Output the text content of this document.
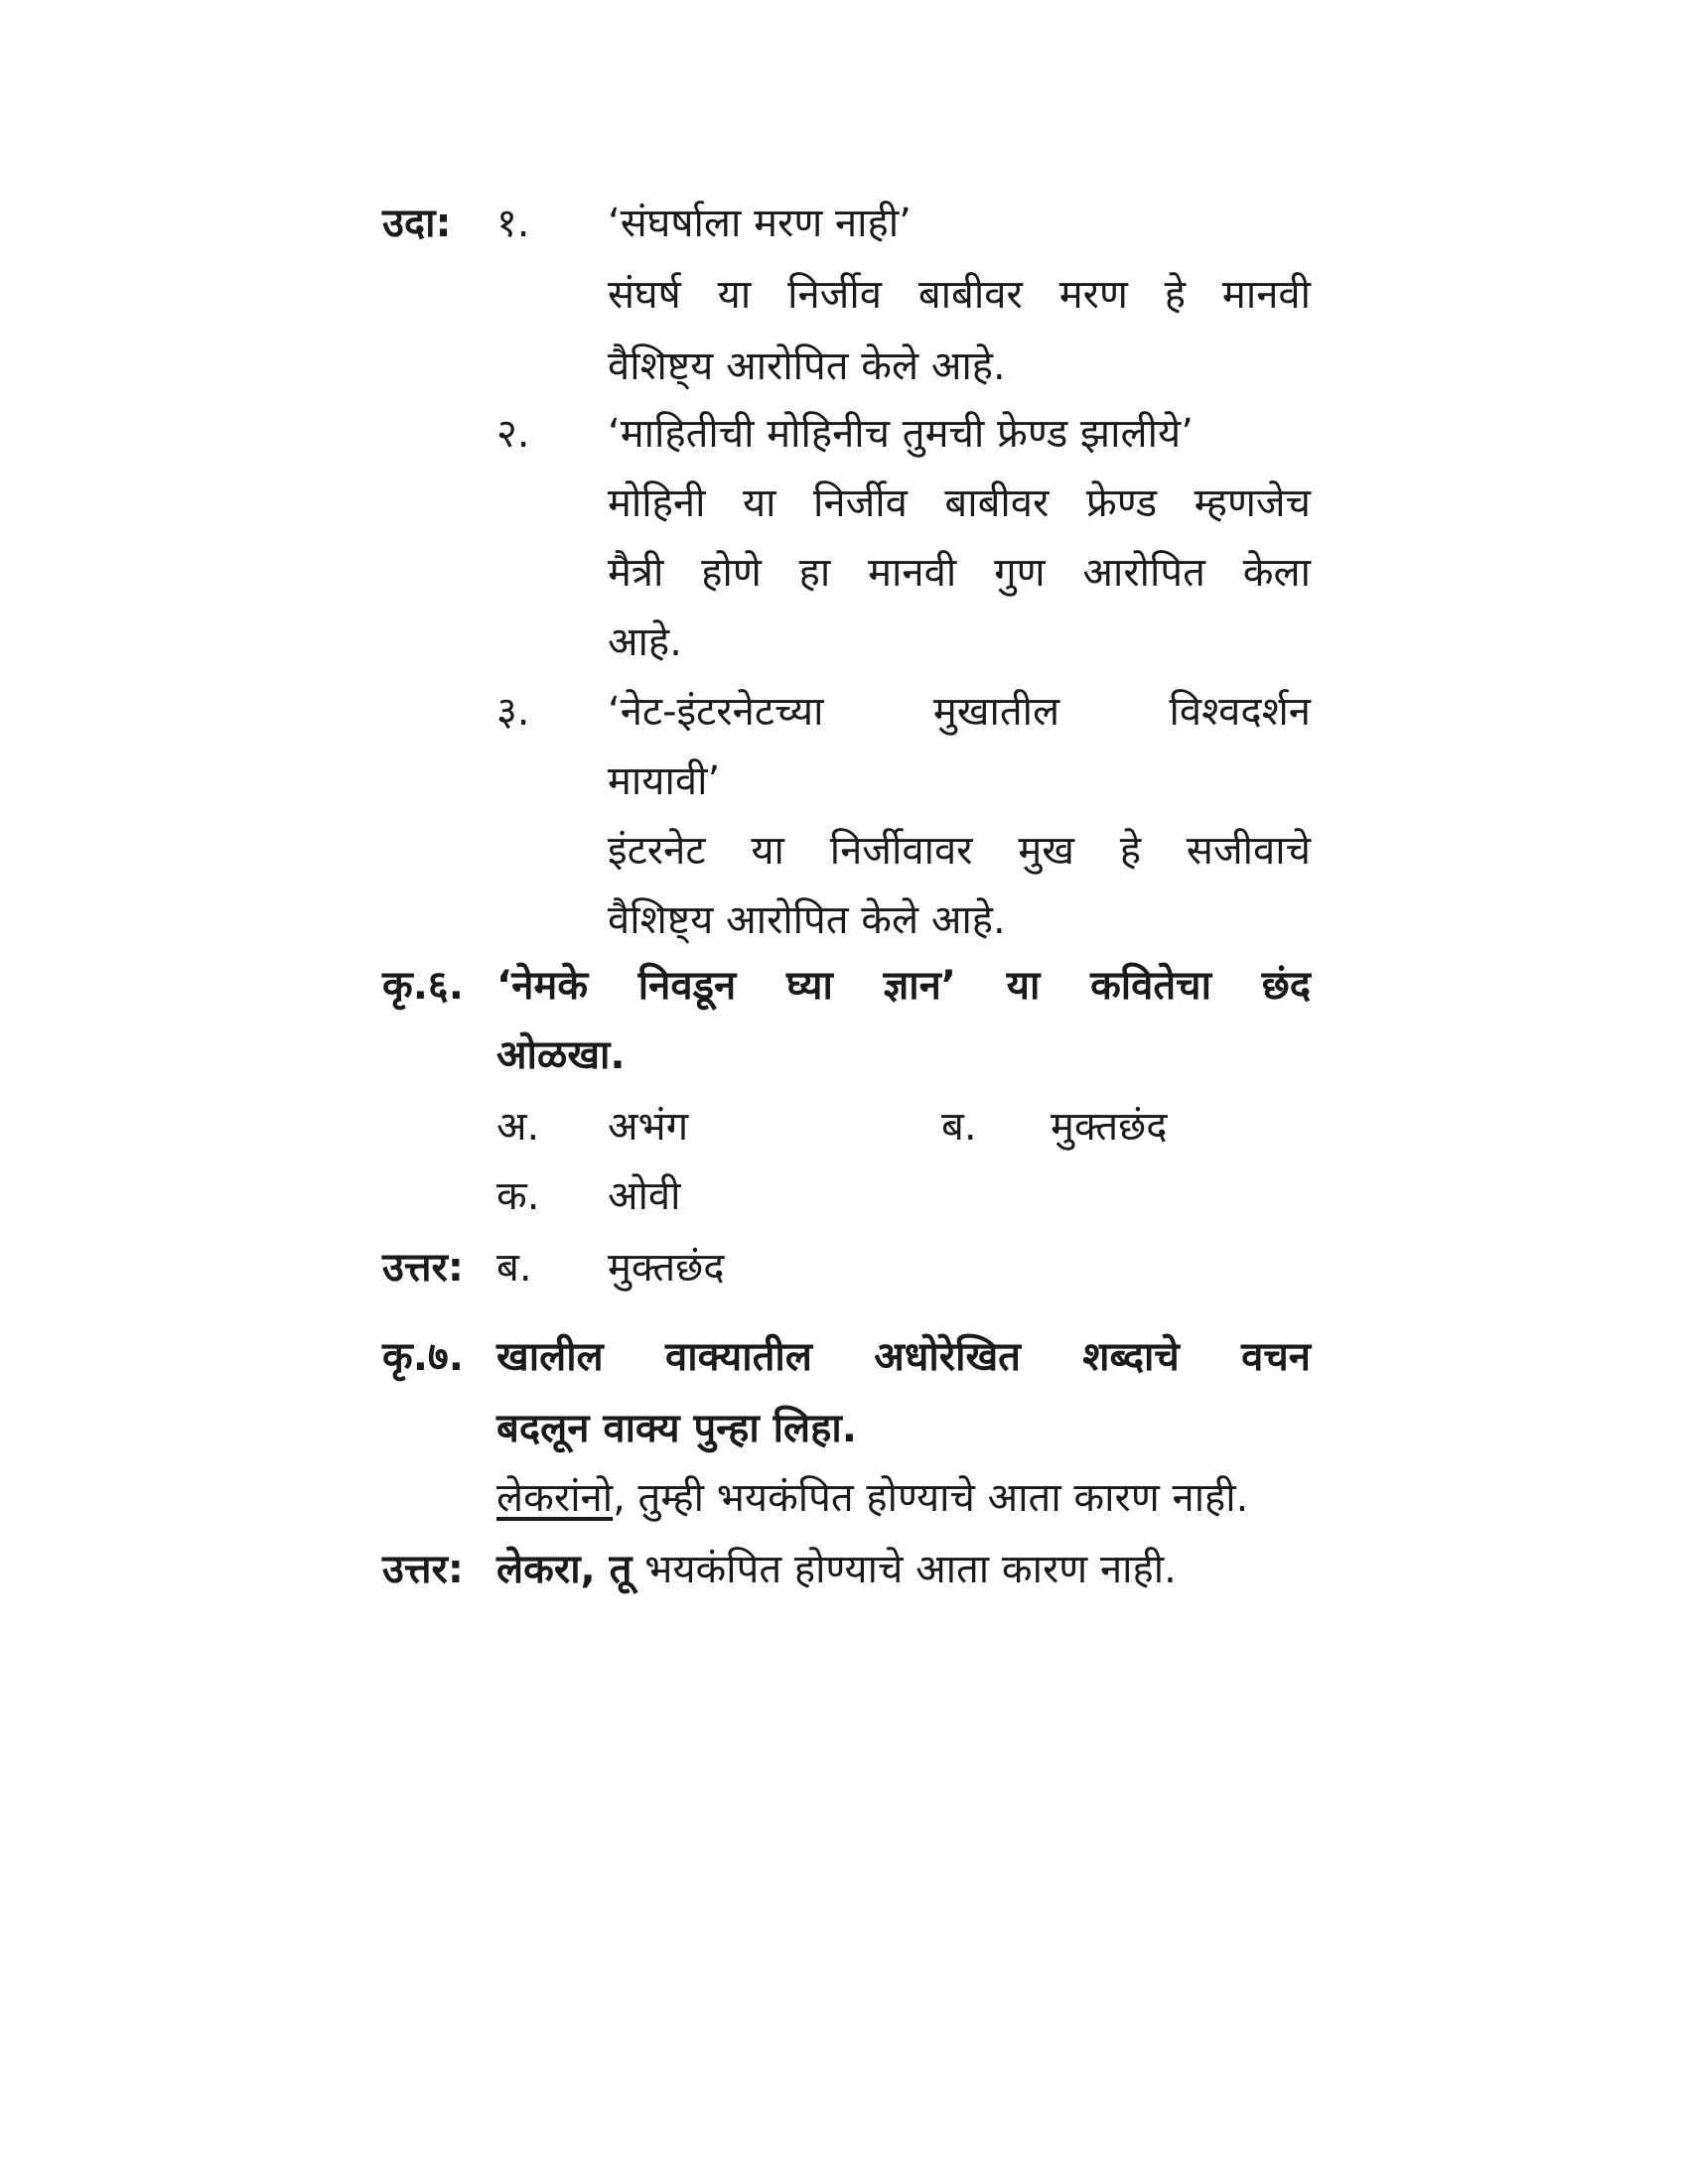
उदा: १. ‘संघर्षाला मरण नाही’
संघर्ष या निर्जीव बाबीवर मरण हे मानवी
वैशिष्ट्य आरोपित केले आहे.
२. ‘माहितीची मोहिनीच तुमची फ्रेण्ड झालीये’
मोहिनी या निर्जीव बाबीवर फ्रेण्ड म्हणजेच
मैत्री होणे हा मानवी गुण आरोपित केला
आहे.
३. ‘नेट-इंटरनेटच्या मुखातील विश्वदर्शन
मायावी’
इंटरनेट या निर्जीवावर मुख हे सजीवाचे
वैशिष्ट्य आरोपित केले आहे.
कृ.६. ‘नेमके निवडून घ्या ज्ञान’ या कवितेचा छंद
ओळखा.
अ. अभंग	ब. मुक्तछंद
क. ओवी
उत्तर: ब. मुक्तछंद
कृ.७. खालील वाक्यातील अधोरेखित शब्दाचे वचन
बदलून वाक्य पुन्हा लिहा.
लेकरांनो, तुम्ही भयकंपित होण्याचे आता कारण नाही.
उत्तर: लेकरा, तू भयकंपित होण्याचे आता कारण नाही.
